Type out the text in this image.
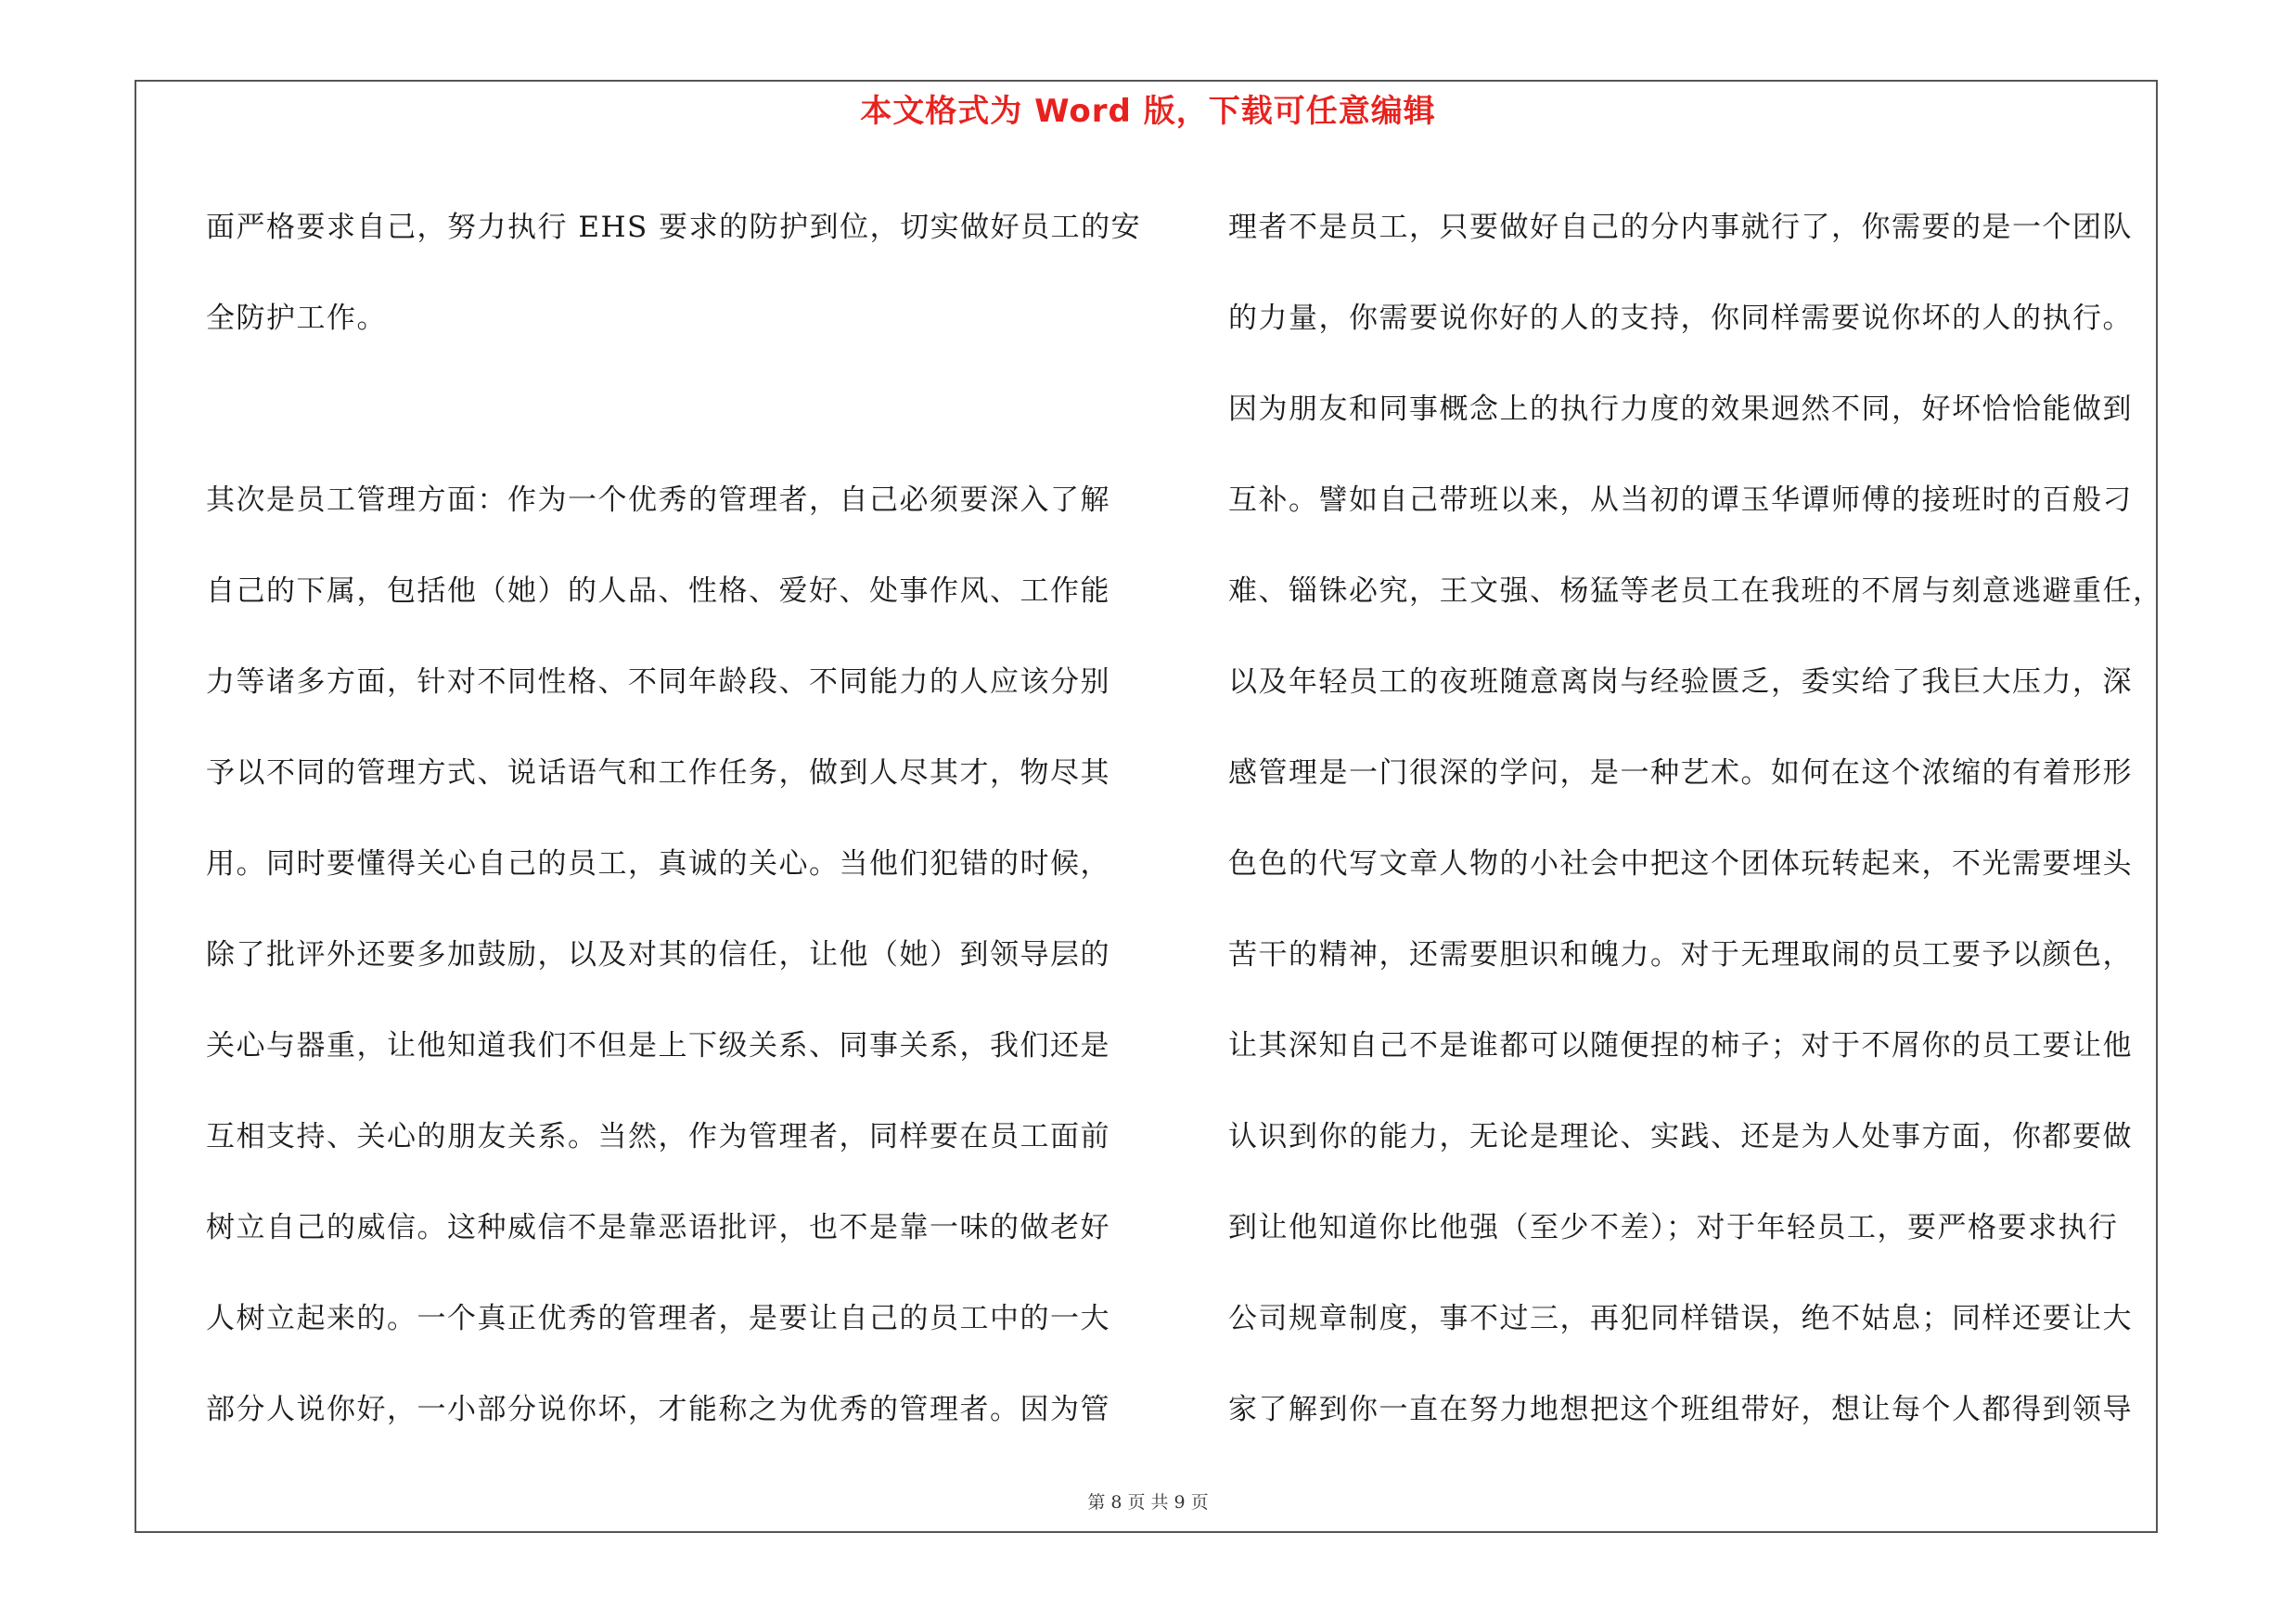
本文格式为 Word 版，下载可任意编辑
面严格要求自己，努力执行 EHS 要求的防护到位，切实做好员工的安
全防护工作。
其次是员工管理方面：作为一个优秀的管理者，自己必须要深入了解
自己的下属，包括他（她）的人品、性格、爱好、处事作风、工作能
力等诸多方面，针对不同性格、不同年龄段、不同能力的人应该分别
予以不同的管理方式、说话语气和工作任务，做到人尽其才，物尽其
用。同时要懂得关心自己的员工，真诚的关心。当他们犯错的时候，
除了批评外还要多加鼓励，以及对其的信任，让他（她）到领导层的
关心与器重，让他知道我们不但是上下级关系、同事关系，我们还是
互相支持、关心的朋友关系。当然，作为管理者，同样要在员工面前
树立自己的威信。这种威信不是靠恶语批评，也不是靠一味的做老好
人树立起来的。一个真正优秀的管理者，是要让自己的员工中的一大
部分人说你好，一小部分说你坏，才能称之为优秀的管理者。因为管
理者不是员工，只要做好自己的分内事就行了，你需要的是一个团队
的力量，你需要说你好的人的支持，你同样需要说你坏的人的执行。
因为朋友和同事概念上的执行力度的效果迥然不同，好坏恰恰能做到
互补。譬如自己带班以来，从当初的谭玉华谭师傅的接班时的百般刁
难、锱铢必究，王文强、杨猛等老员工在我班的不屑与刻意逃避重任，
以及年轻员工的夜班随意离岗与经验匮乏，委实给了我巨大压力，深
感管理是一门很深的学问，是一种艺术。如何在这个浓缩的有着形形
色色的代写文章人物的小社会中把这个团体玩转起来，不光需要埋头
苦干的精神，还需要胆识和魄力。对于无理取闹的员工要予以颜色，
让其深知自己不是谁都可以随便捏的柿子；对于不屑你的员工要让他
认识到你的能力，无论是理论、实践、还是为人处事方面，你都要做
到让他知道你比他强（至少不差）；对于年轻员工，要严格要求执行
公司规章制度，事不过三，再犯同样错误，绝不姑息；同样还要让大
家了解到你一直在努力地想把这个班组带好，想让每个人都得到领导
第 8 页 共 9 页
